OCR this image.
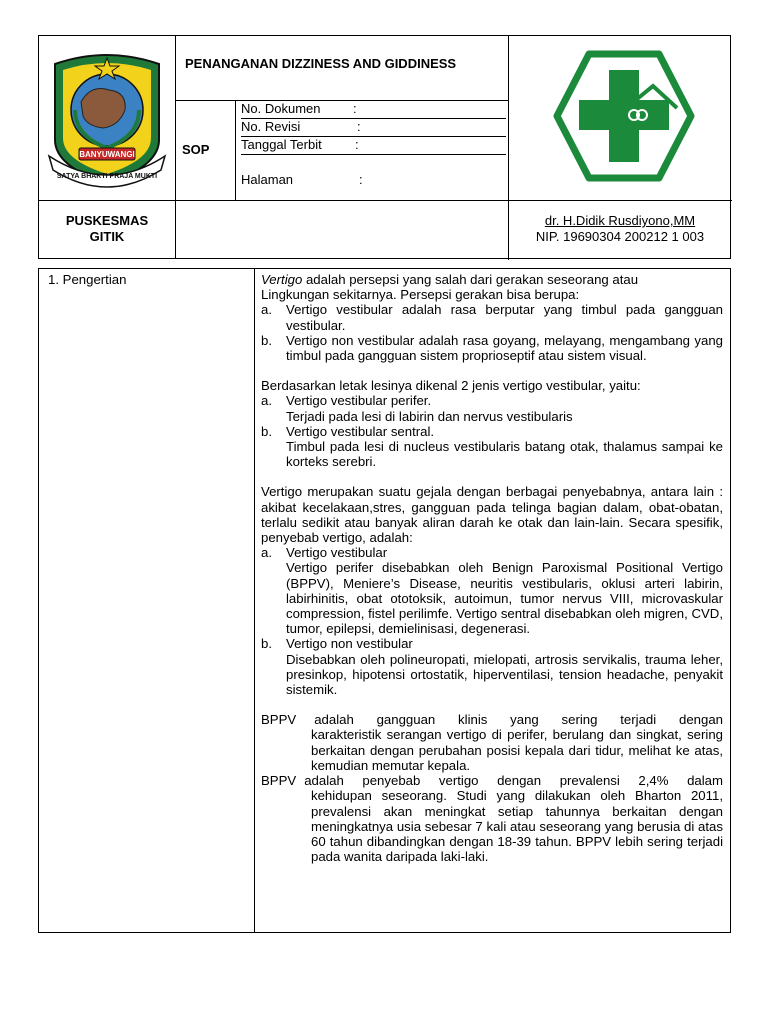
BANYUWANGI
SATYA BHAKTI PRAJA MUKTI
PENANGANAN DIZZINESS AND GIDDINESS
SOP
No. Dokumen	:
No. Revisi	:
Tanggal Terbit	:
Halaman	:
PUSKESMAS
GITIK
dr. H.Didik Rusdiyono,MM
NIP. 19690304 200212 1 003
1. Pengertian	Vertigo adalah persepsi yang salah dari gerakan seseorang atau
Lingkungan sekitarnya. Persepsi gerakan bisa berupa:
a.	Vertigo vestibular adalah rasa berputar yang timbul pada gangguan vestibular.
b.	Vertigo non vestibular adalah rasa goyang, melayang, mengambang yang timbul pada gangguan sistem proprioseptif atau sistem visual.
Berdasarkan letak lesinya dikenal 2 jenis vertigo vestibular, yaitu:
a.	Vertigo vestibular perifer.
Terjadi pada lesi di labirin dan nervus vestibularis
b.	Vertigo vestibular sentral.

Timbul pada lesi di nucleus vestibularis batang otak, thalamus sampai ke korteks serebri.
Vertigo merupakan suatu gejala dengan berbagai penyebabnya, antara lain : akibat kecelakaan,stres, gangguan pada telinga bagian dalam, obat-obatan, terlalu sedikit atau banyak aliran darah ke otak dan lain-lain. Secara spesifik, penyebab vertigo, adalah:
a.	Vertigo vestibular

Vertigo perifer disebabkan oleh Benign Paroxismal Positional Vertigo (BPPV), Meniere’s Disease, neuritis vestibularis, oklusi arteri labirin, labirhinitis, obat ototoksik, autoimun, tumor nervus VIII, microvaskular compression, fistel perilimfe. Vertigo sentral disebabkan oleh migren, CVD, tumor, epilepsi, demielinisasi, degenerasi.
b.	Vertigo non vestibular

Disebabkan oleh polineuropati, mielopati, artrosis servikalis, trauma leher, presinkop, hipotensi ortostatik, hiperventilasi, tension headache, penyakit sistemik.
BPPV adalah gangguan klinis yang sering terjadi dengan
karakteristik serangan vertigo di perifer, berulang dan singkat, sering berkaitan dengan perubahan posisi kepala dari tidur, melihat ke atas, kemudian memutar kepala.
BPPV adalah penyebab vertigo dengan prevalensi 2,4% dalam
kehidupan seseorang. Studi yang dilakukan oleh Bharton 2011, prevalensi akan meningkat setiap tahunnya berkaitan dengan meningkatnya usia sebesar 7 kali atau seseorang yang berusia di atas 60 tahun dibandingkan dengan 18-39 tahun. BPPV lebih sering terjadi pada wanita daripada laki-laki.
